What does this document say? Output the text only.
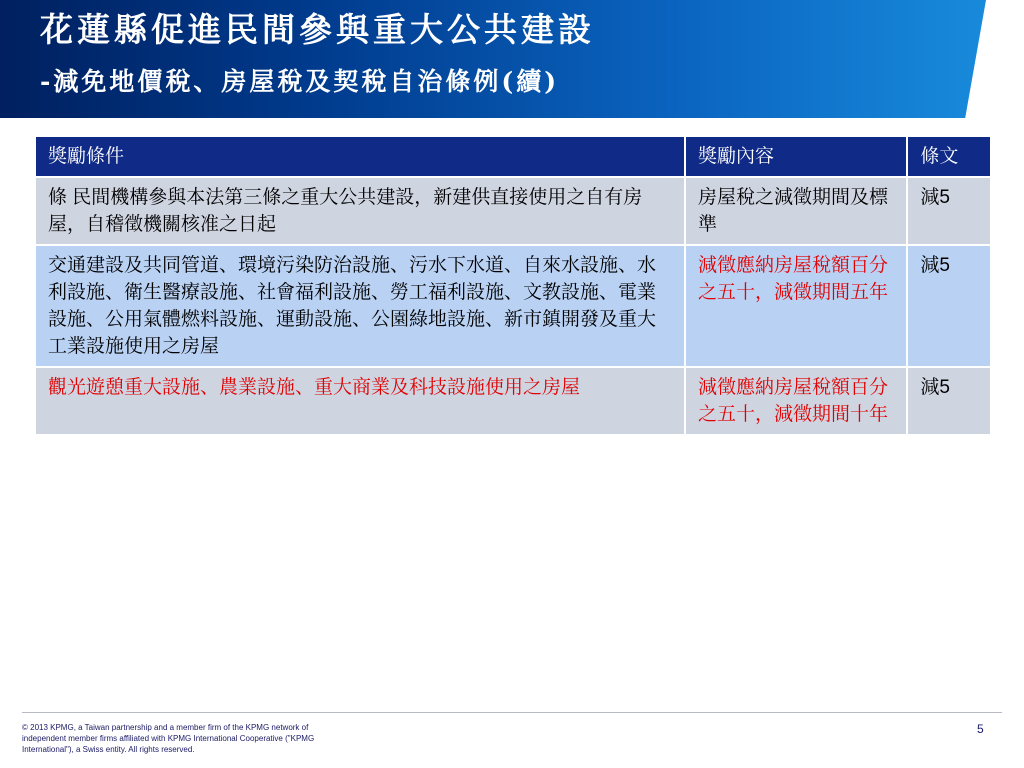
花蓮縣促進民間參與重大公共建設
-減免地價稅、房屋稅及契稅自治條例(續)
獎勵條件	獎勵內容	條文
條 民間機構參與本法第三條之重大公共建設，新建供直接使用之自有房屋，自稽徵機關核准之日起	房屋稅之減徵期間及標準	減5
交通建設及共同管道、環境污染防治設施、污水下水道、自來水設施、水利設施、衛生醫療設施、社會福利設施、勞工福利設施、文教設施、電業設施、公用氣體燃料設施、運動設施、公園綠地設施、新市鎮開發及重大工業設施使用之房屋	減徵應納房屋稅額百分之五十，減徵期間五年	減5
觀光遊憩重大設施、農業設施、重大商業及科技設施使用之房屋	減徵應納房屋稅額百分之五十，減徵期間十年	減5
© 2013 KPMG, a Taiwan partnership and a member firm of the KPMG network of independent member firms affiliated with KPMG International Cooperative ("KPMG International"), a Swiss entity. All rights reserved.
5
